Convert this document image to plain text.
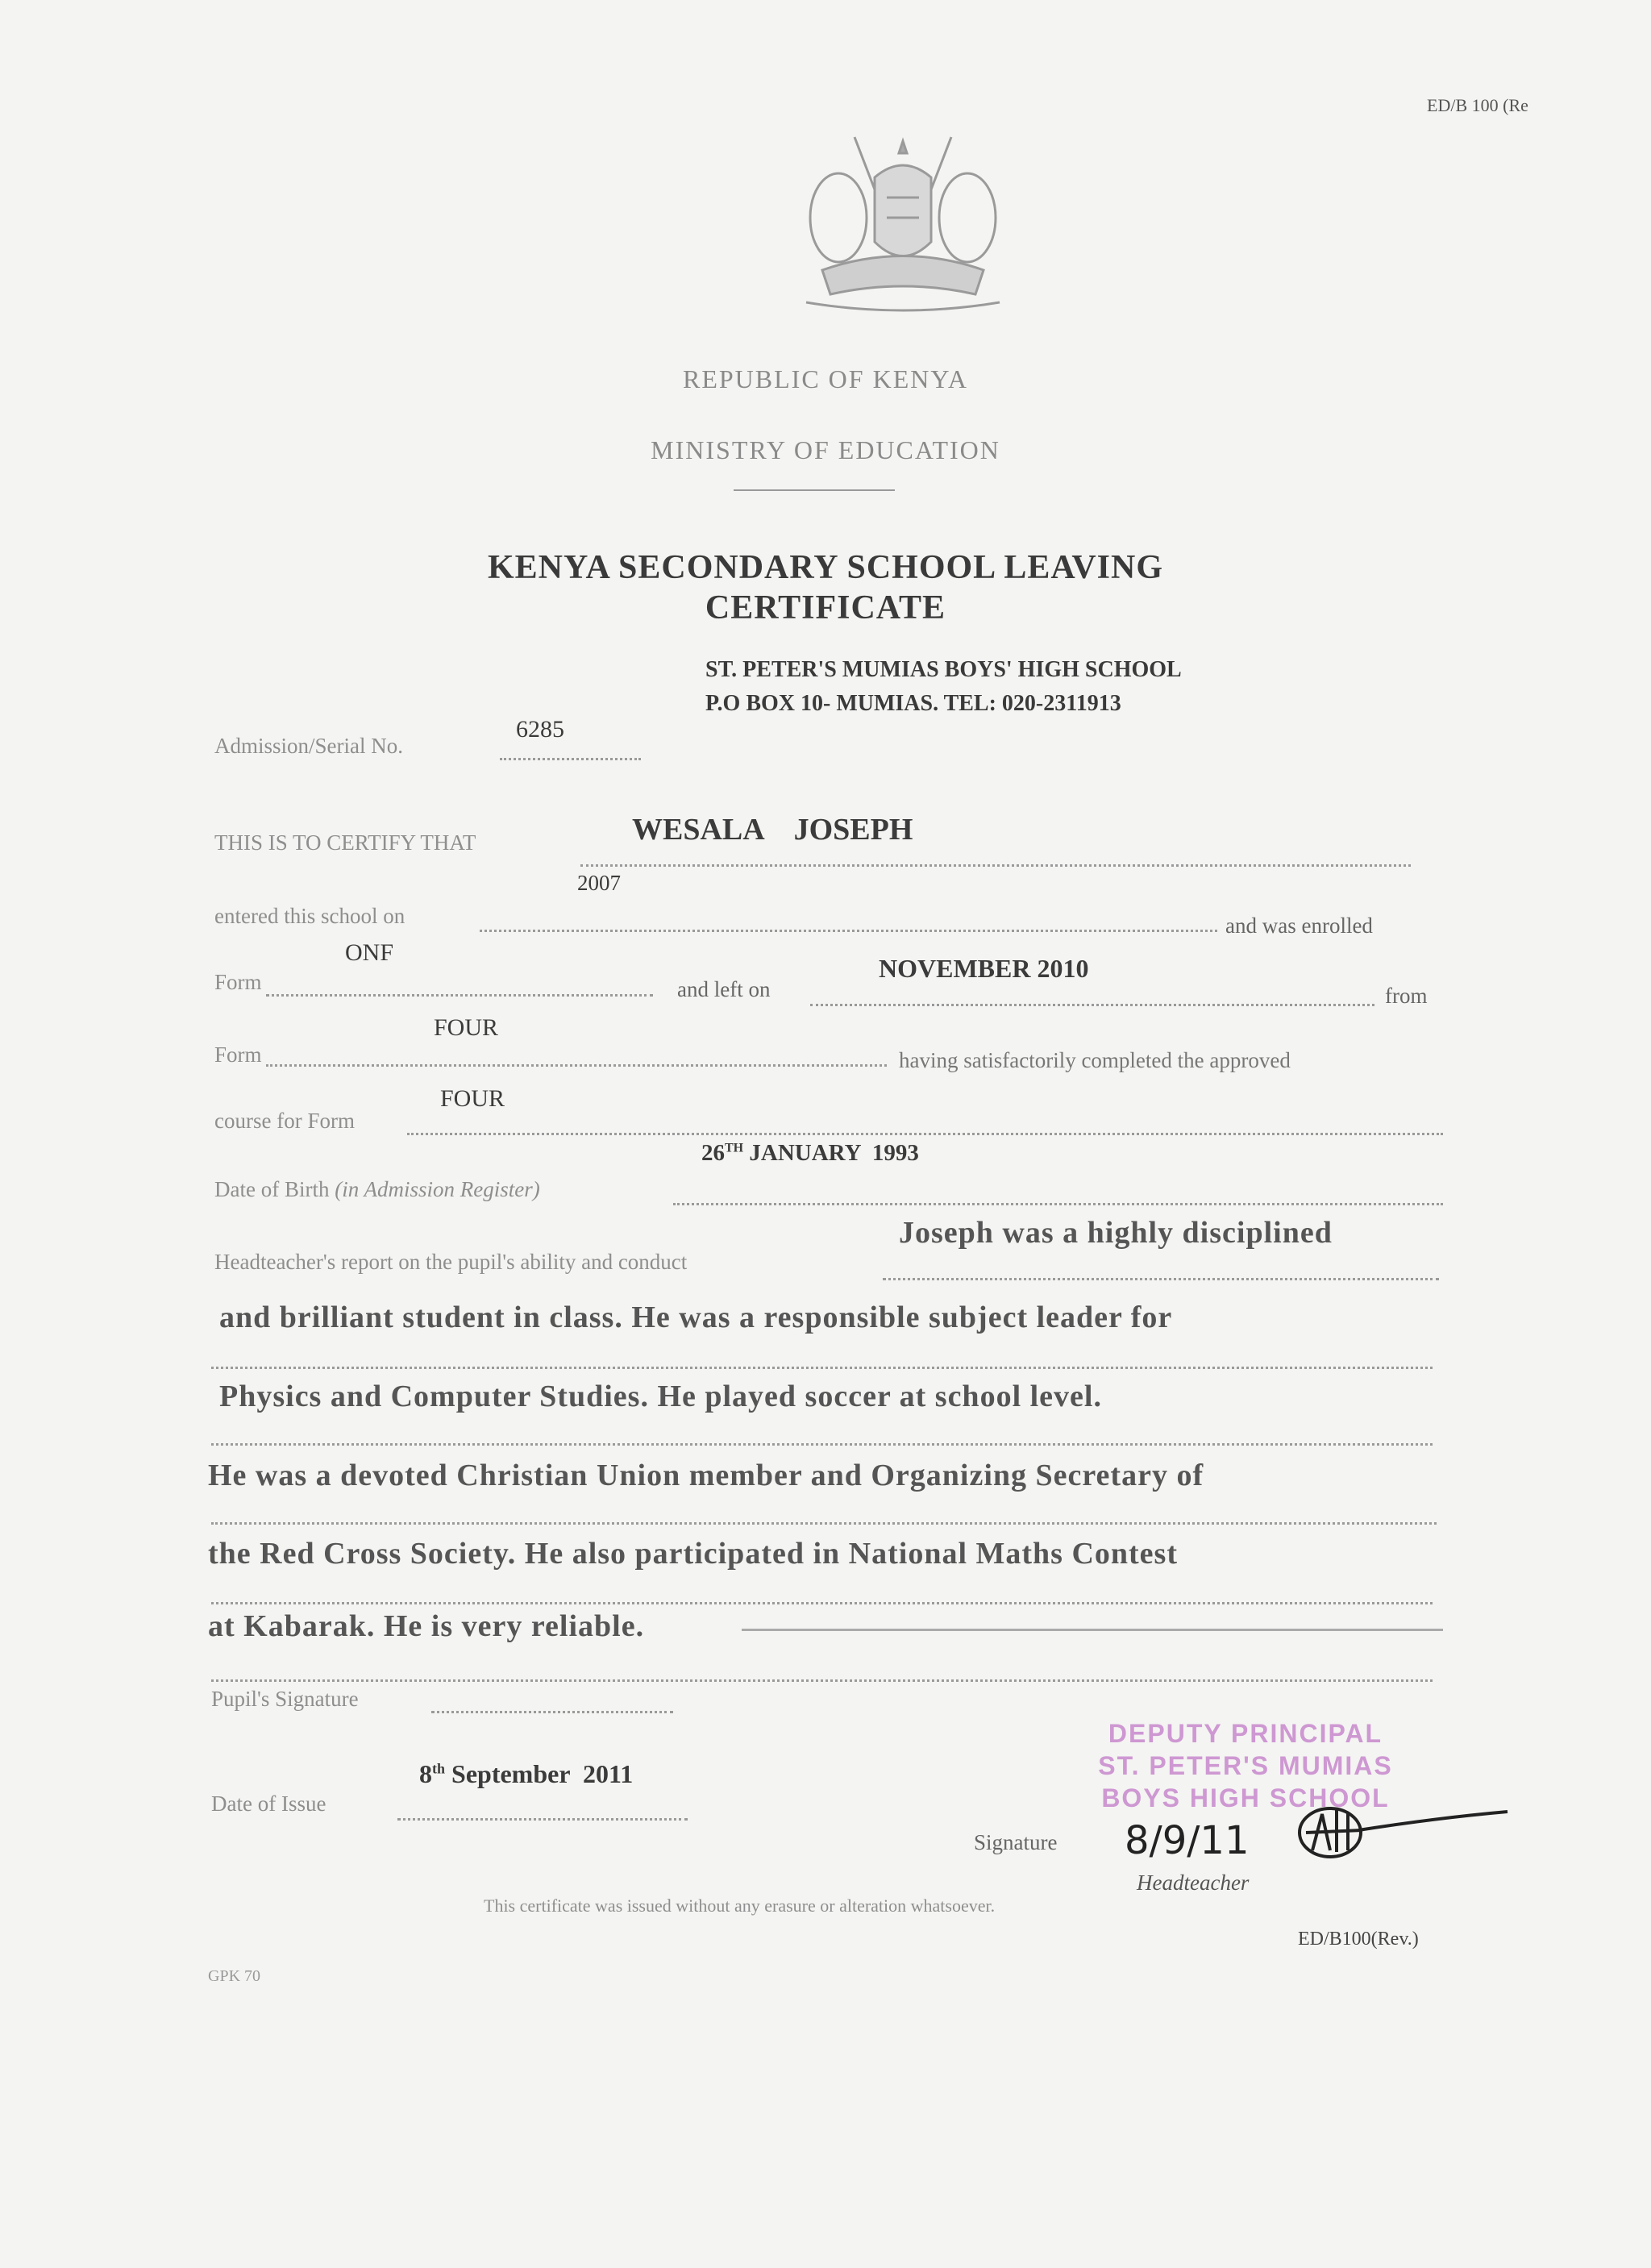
ED/B 100 (Re
REPUBLIC OF KENYA
MINISTRY OF EDUCATION
KENYA SECONDARY SCHOOL LEAVING
CERTIFICATE
ST. PETER'S MUMIAS BOYS' HIGH SCHOOL
P.O BOX 10- MUMIAS. TEL: 020-2311913
Admission/Serial No.
6285
THIS IS TO CERTIFY THAT	WESALA    JOSEPH
2007
entered this school on	and was enrolled
ONF
Form	and left on
NOVEMBER 2010
from
FOUR
Form	having satisfactorily completed the approved
FOUR
course for Form
26TH JANUARY  1993
Date of Birth (in Admission Register)
Headteacher's report on the pupil's ability and conduct
Joseph was a highly disciplined
and brilliant student in class. He was a responsible subject leader for
Physics and Computer Studies. He played soccer at school level.
He was a devoted Christian Union member and Organizing Secretary of
the Red Cross Society. He also participated in National Maths Contest
at Kabarak. He is very reliable.
Pupil's Signature
8th September  2011
Date of Issue
DEPUTY PRINCIPAL
ST. PETER'S MUMIAS
BOYS HIGH SCHOOL
Signature 8/9/11
Headteacher
This certificate was issued without any erasure or alteration whatsoever.
ED/B100(Rev.)
GPK 70
